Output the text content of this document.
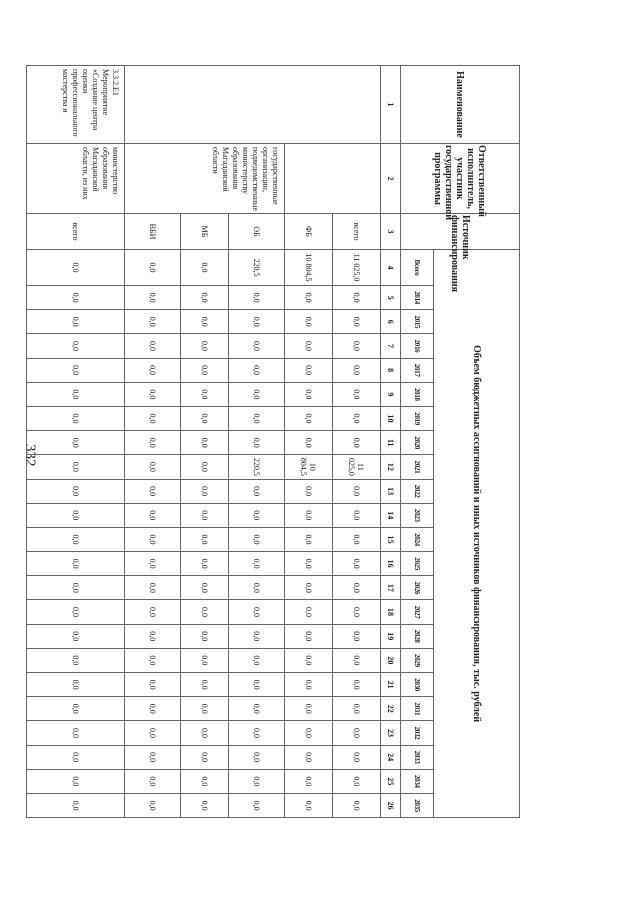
332
Наименование	Ответственный исполнитель, участник государственной программы	Источник финансирования	Объем бюджетных ассигнований и иных источников финансирования, тыс. рублей																						
			Всего	2014	2015	2016	2017	2018	2019	2020	2021	2022	2023	2024	2025	2026	2027	2028	2029	2030	2031	2032	2033	2034	2035
1	2	3	4	5	6	7	8	9	10	11	12	13	14	15	16	17	18	19	20	21	22	23	24	25	26
		всего	11 025,0	0,0	0,0	0,0	0,0	0,0	0,0	0,0	11 025,0	0,0	0,0	0,0	0,0	0,0	0,0	0,0	0,0	0,0	0,0	0,0	0,0	0,0	0,0
		ФБ	10 804,5	0,0	0,0	0,0	0,0	0,0	0,0	0,0	10 804,5	0,0	0,0	0,0	0,0	0,0	0,0	0,0	0,0	0,0	0,0	0,0	0,0	0,0	0,0
	государственные организации, подведомственные министерству образования Магаданской области	ОБ	220,5	0,0	0,0	0,0	0,0	0,0	0,0	0,0	220,5	0,0	0,0	0,0	0,0	0,0	0,0	0,0	0,0	0,0	0,0	0,0	0,0	0,0	0,0
		МБ	0,0	0,0	0,0	0,0	0,0	0,0	0,0	0,0	0,0	0,0	0,0	0,0	0,0	0,0	0,0	0,0	0,0	0,0	0,0	0,0	0,0	0,0	0,0
		ВБИ	0,0	0,0	0,0	0,0	0,0	0,0	0,0	0,0	0,0	0,0	0,0	0,0	0,0	0,0	0,0	0,0	0,0	0,0	0,0	0,0	0,0	0,0	0,0
3.3.2.Е1 Мероприятие «Создание центра оценки профессионального мастерства и	министерство образования Магаданской области, из них	всего	0,0	0,0	0,0	0,0	0,0	0,0	0,0	0,0	0,0	0,0	0,0	0,0	0,0	0,0	0,0	0,0	0,0	0,0	0,0	0,0	0,0	0,0	0,0
